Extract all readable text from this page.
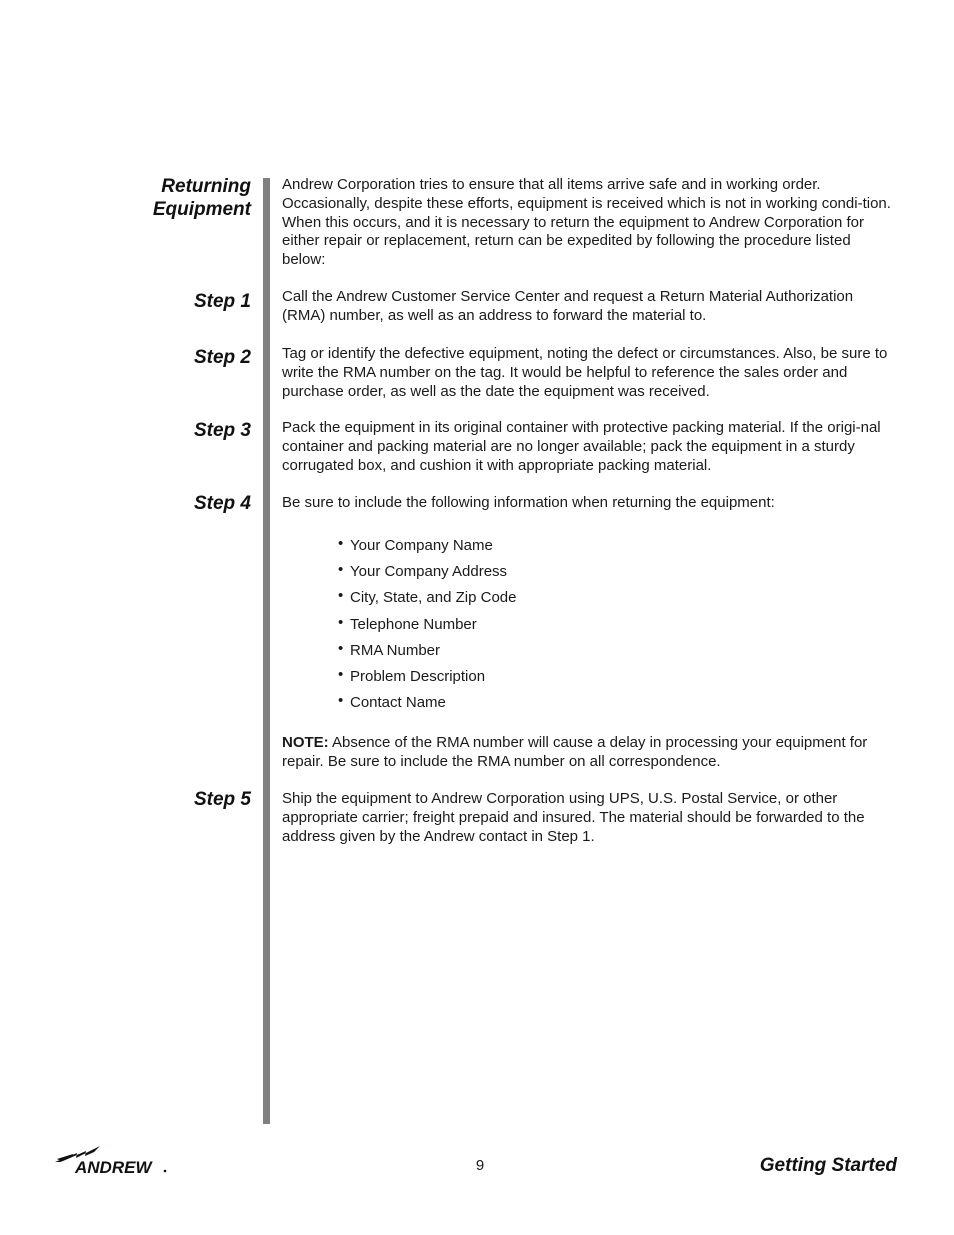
Returning
Equipment
Step 1
Step 2
Step 3
Step 4
Step 5

Andrew Corporation tries to ensure that all items arrive safe and in working order. Occasionally, despite these efforts, equipment is received which is not in working condi-tion. When this occurs, and it is necessary to return the equipment to Andrew Corporation for either repair or replacement, return can be expedited by following the procedure listed below:

Call the Andrew Customer Service Center and request a Return Material Authorization (RMA) number, as well as an address to forward the material to.

Tag or identify the defective equipment, noting the defect or circumstances. Also, be sure to write the RMA number on the tag. It would be helpful to reference the sales order and purchase order, as well as the date the equipment was received.

Pack the equipment in its original container with protective packing material. If the origi-nal container and packing material are no longer available; pack the equipment in a sturdy corrugated box, and cushion it with appropriate packing material.

Be sure to include the following information when returning the equipment:

• Your Company Name
• Your Company Address
• City, State, and Zip Code
• Telephone Number
• RMA Number
• Problem Description
• Contact Name

NOTE: Absence of the RMA number will cause a delay in processing your equipment for repair. Be sure to include the RMA number on all correspondence.

Ship the equipment to Andrew Corporation using UPS, U.S. Postal Service, or other appropriate carrier; freight prepaid and insured. The material should be forwarded to the address given by the Andrew contact in Step 1.

ANDREW	9	Getting Started
